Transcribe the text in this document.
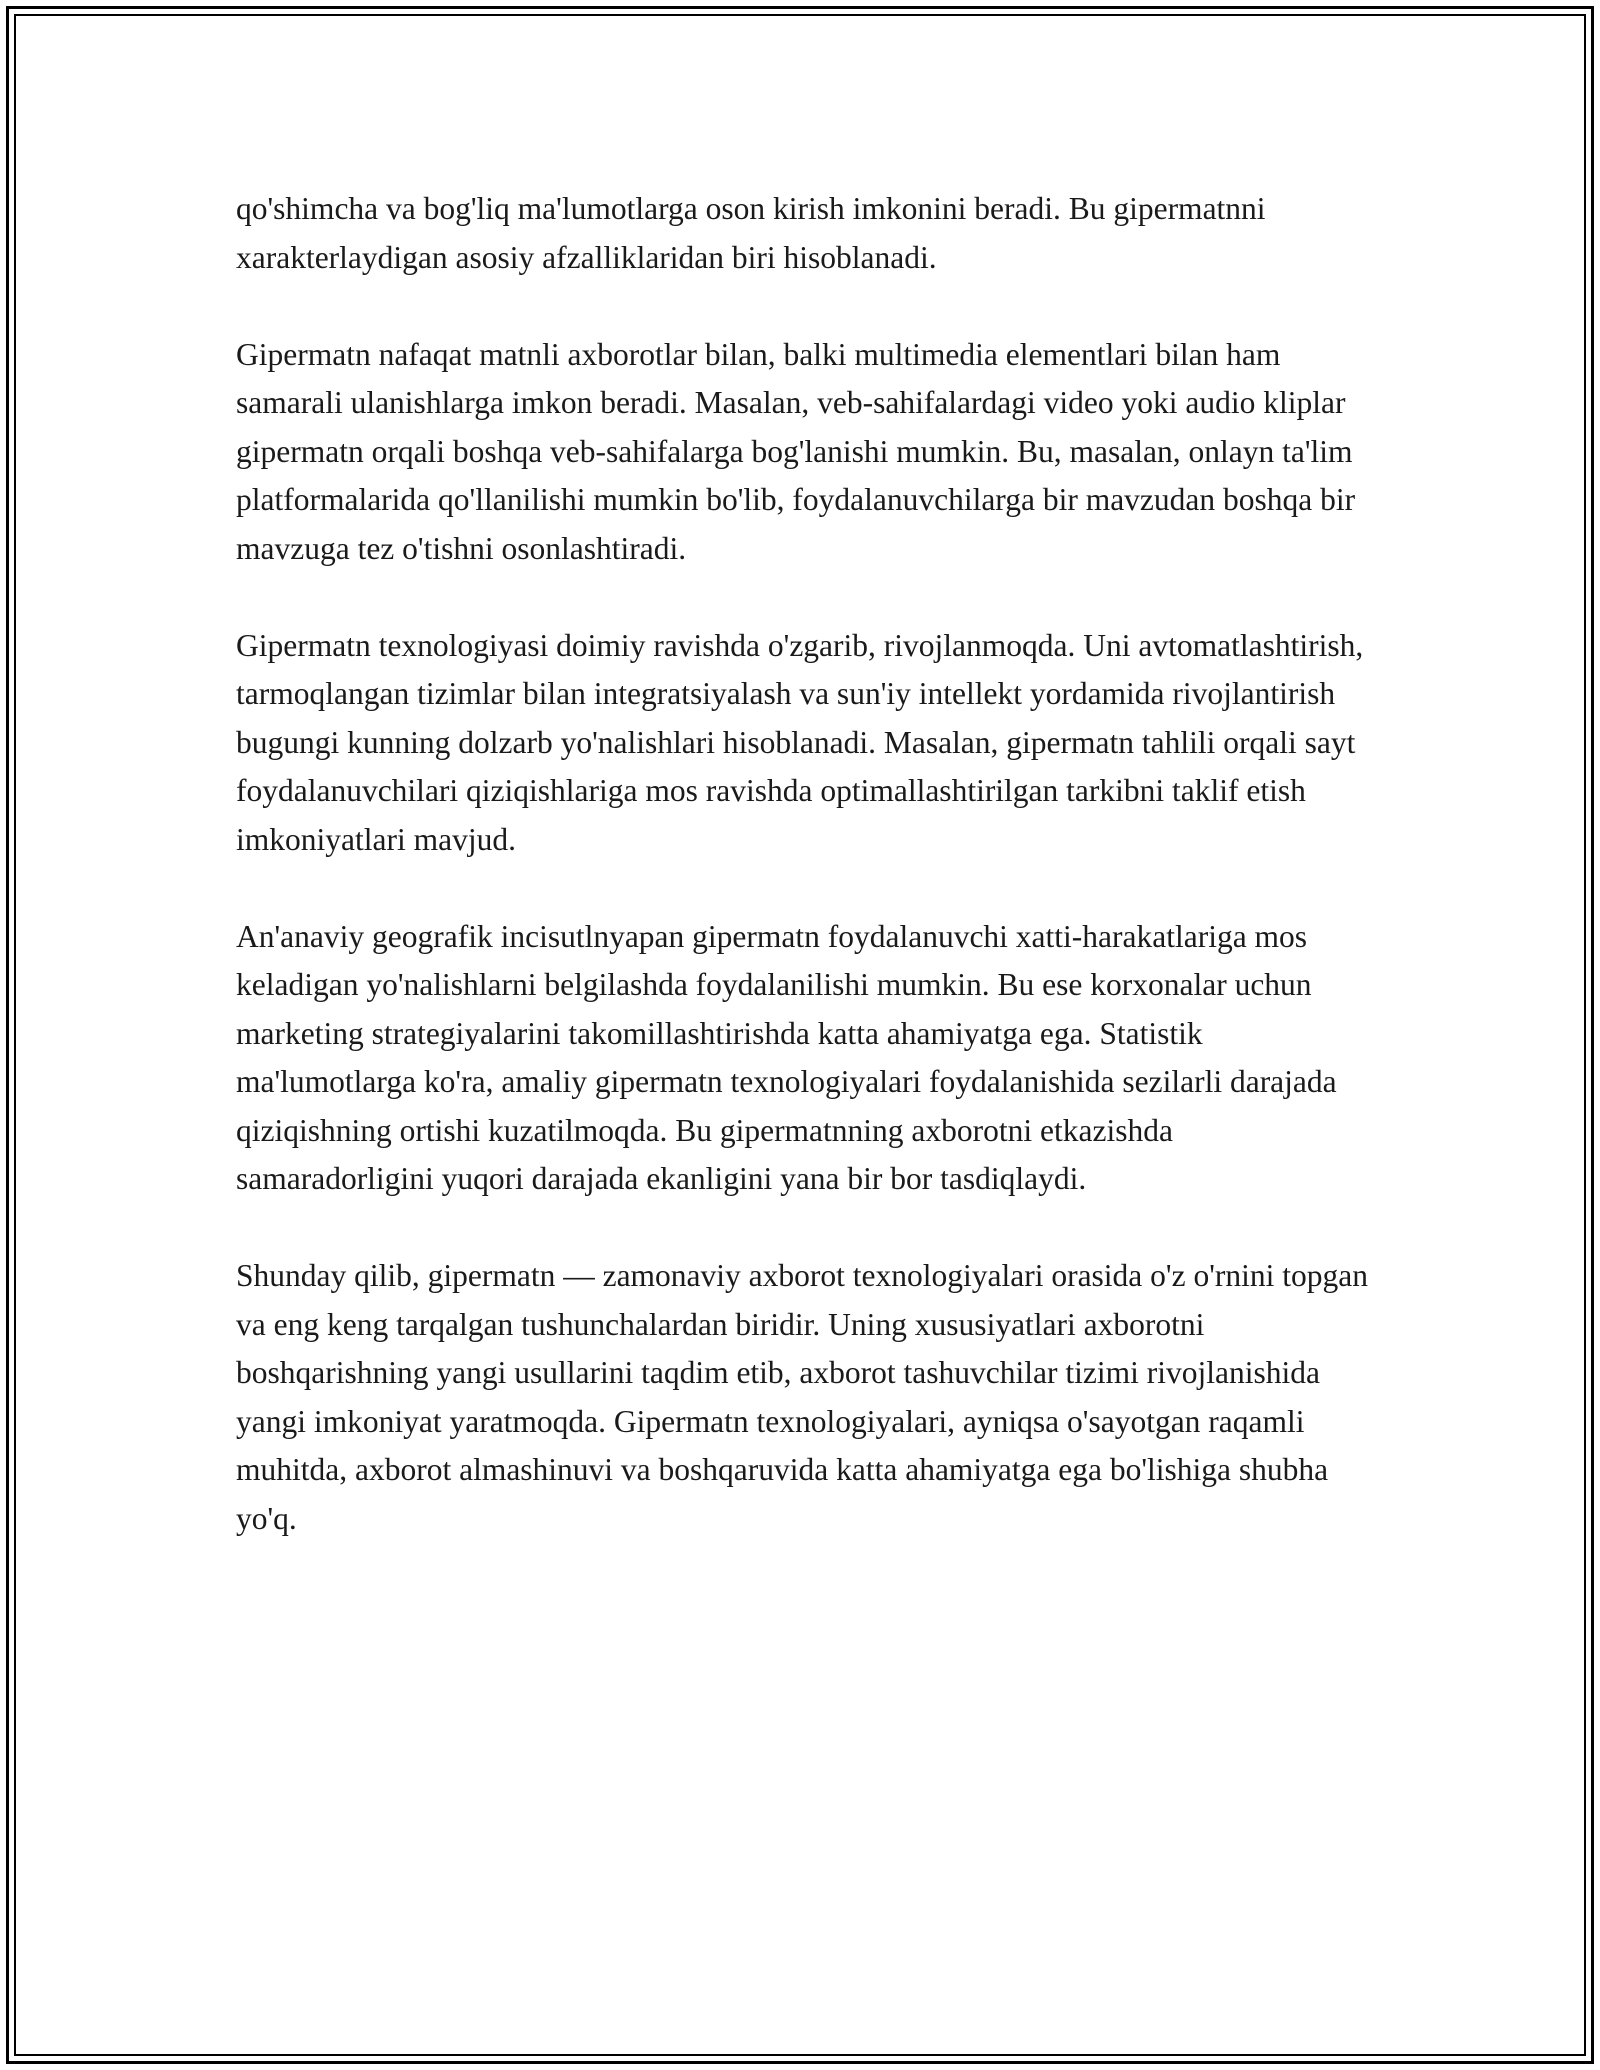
qo'shimcha va bog'liq ma'lumotlarga oson kirish imkonini beradi. Bu gipermatnni xarakterlaydigan asosiy afzalliklaridan biri hisoblanadi.

Gipermatn nafaqat matnli axborotlar bilan, balki multimedia elementlari bilan ham samarali ulanishlarga imkon beradi. Masalan, veb-sahifalardagi video yoki audio kliplar gipermatn orqali boshqa veb-sahifalarga bog'lanishi mumkin. Bu, masalan, onlayn ta'lim platformalarida qo'llanilishi mumkin bo'lib, foydalanuvchilarga bir mavzudan boshqa bir mavzuga tez o'tishni osonlashtiradi.

Gipermatn texnologiyasi doimiy ravishda o'zgarib, rivojlanmoqda. Uni avtomatlashtirish, tarmoqlangan tizimlar bilan integratsiyalash va sun'iy intellekt yordamida rivojlantirish bugungi kunning dolzarb yo'nalishlari hisoblanadi. Masalan, gipermatn tahlili orqali sayt foydalanuvchilari qiziqishlariga mos ravishda optimallashtirilgan tarkibni taklif etish imkoniyatlari mavjud.

An'anaviy geografik incisutlnyapan gipermatn foydalanuvchi xatti-harakatlariga mos keladigan yo'nalishlarni belgilashda foydalanilishi mumkin. Bu ese korxonalar uchun marketing strategiyalarini takomillashtirishda katta ahamiyatga ega. Statistik ma'lumotlarga ko'ra, amaliy gipermatn texnologiyalari foydalanishida sezilarli darajada qiziqishning ortishi kuzatilmoqda. Bu gipermatnning axborotni etkazishda samaradorligini yuqori darajada ekanligini yana bir bor tasdiqlaydi.

Shunday qilib, gipermatn — zamonaviy axborot texnologiyalari orasida o'z o'rnini topgan va eng keng tarqalgan tushunchalardan biridir. Uning xususiyatlari axborotni boshqarishning yangi usullarini taqdim etib, axborot tashuvchilar tizimi rivojlanishida yangi imkoniyat yaratmoqda. Gipermatn texnologiyalari, ayniqsa o'sayotgan raqamli muhitda, axborot almashinuvi va boshqaruvida katta ahamiyatga ega bo'lishiga shubha yo'q.
